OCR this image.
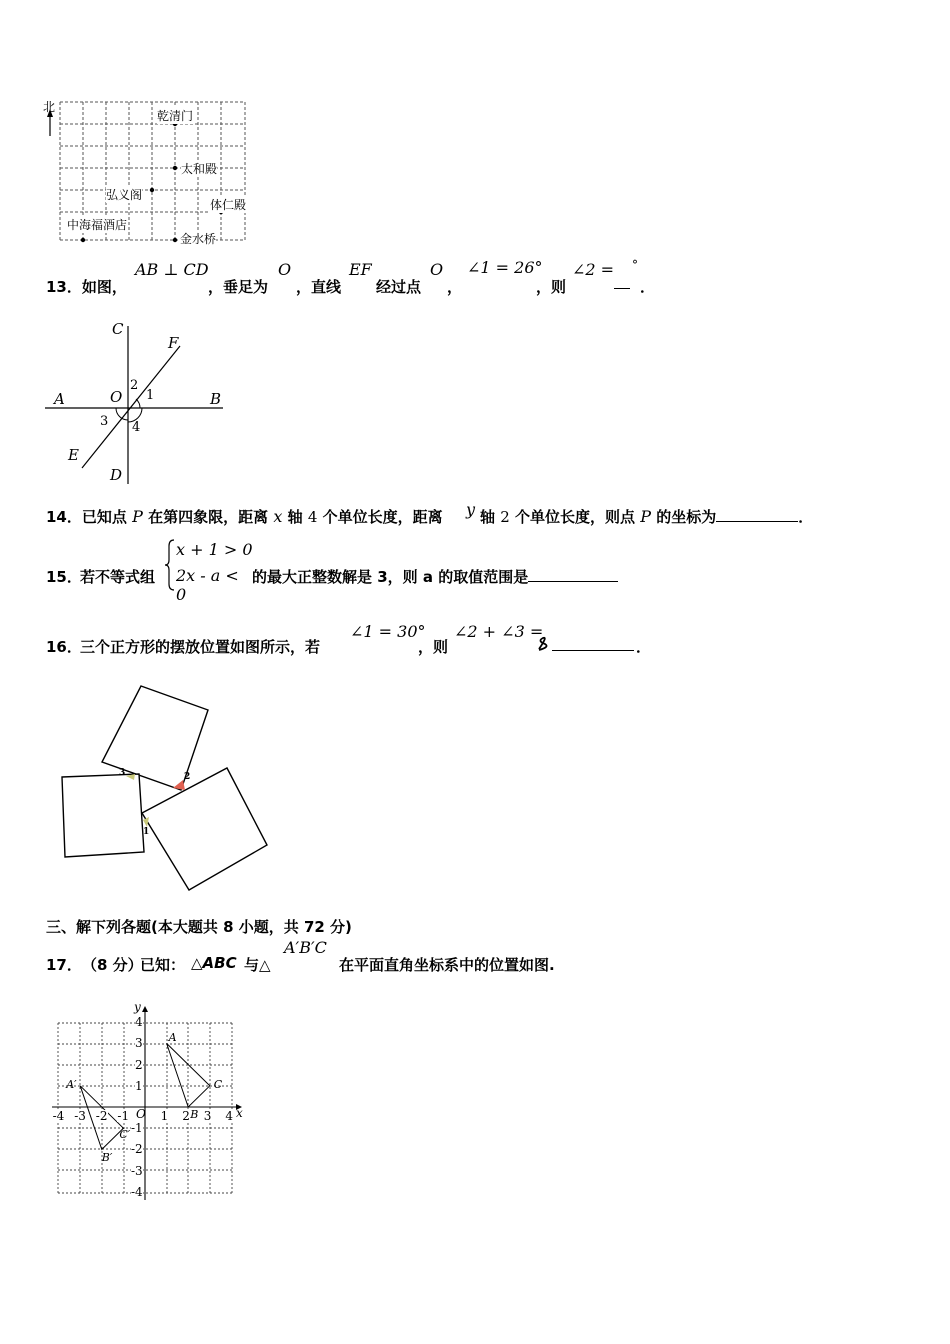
北
乾清门
太和殿
弘义阁
体仁殿
中海福酒店
金水桥
13．如图，
AB ⊥ CD
，垂足为
O
，直线
EF
经过点
O
，
∠1 = 26°
，则
∠2 = °
．
C
F
A	O
2
1	B
3 4
E
D
14．已知点 P 在第四象限，距离 x 轴 4 个单位长度，距离 y 轴 2 个单位长度，则点 P 的坐标为	．
15．
若不等式组
x + 1 > 0
2x - a < 0
的最大正整数解是 3，则 a 的取值范围是
16．
三个正方形的摆放位置如图所示，若
∠1 = 30°
，则
∠2 + ∠3 =
．
3	2
1
三、解下列各题(本大题共 8 小题，共 72 分)
17． （8 分）
已知： △ABC 与△
A′B′C
在平面直角坐标系中的位置如图.
y
x
O
-4 -3 -2 -1	1 2 3 4
4
3
2
1
-1
-2
-3
-4
A
B
C
A′
B′
C′
